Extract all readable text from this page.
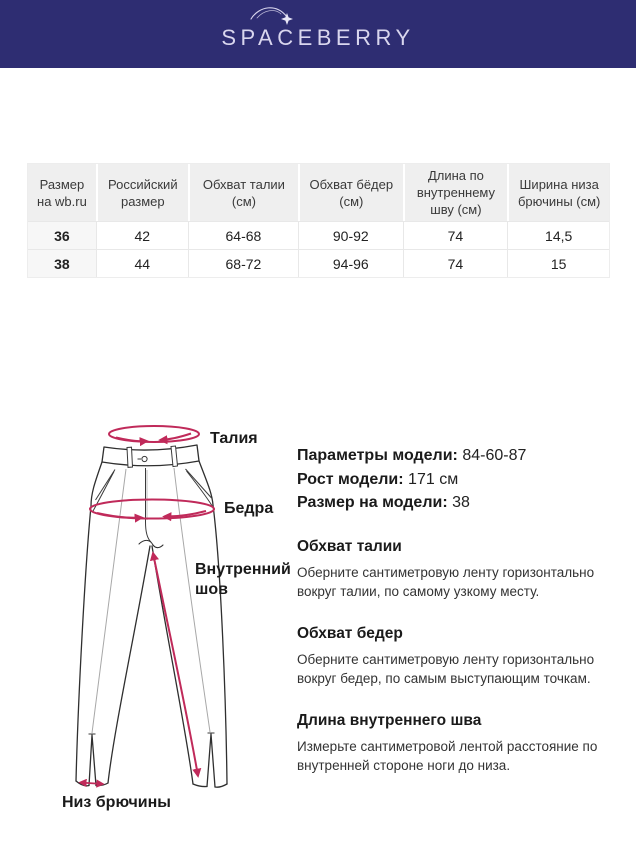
SPACEBERRY
Размер на wb.ru	Российский размер	Обхват талии (см)	Обхват бёдер (см)	Длина по внутреннему шву (см)	Ширина низа брючины (см)
36	42	64-68	90-92	74	14,5
38	44	68-72	94-96	74	15
Талия
Бедра
Внутренний шов
Низ брючины
Параметры модели: 84-60-87
Рост модели: 171 см
Размер на модели: 38
Обхват талии

Оберните сантиметровую ленту горизонтально вокруг талии, по самому узкому месту.

Обхват бедер

Оберните сантиметровую ленту горизонтально вокруг бедер, по самым выступающим точкам.

Длина внутреннего шва

Измерьте сантиметровой лентой расстояние по внутренней стороне ноги до низа.
